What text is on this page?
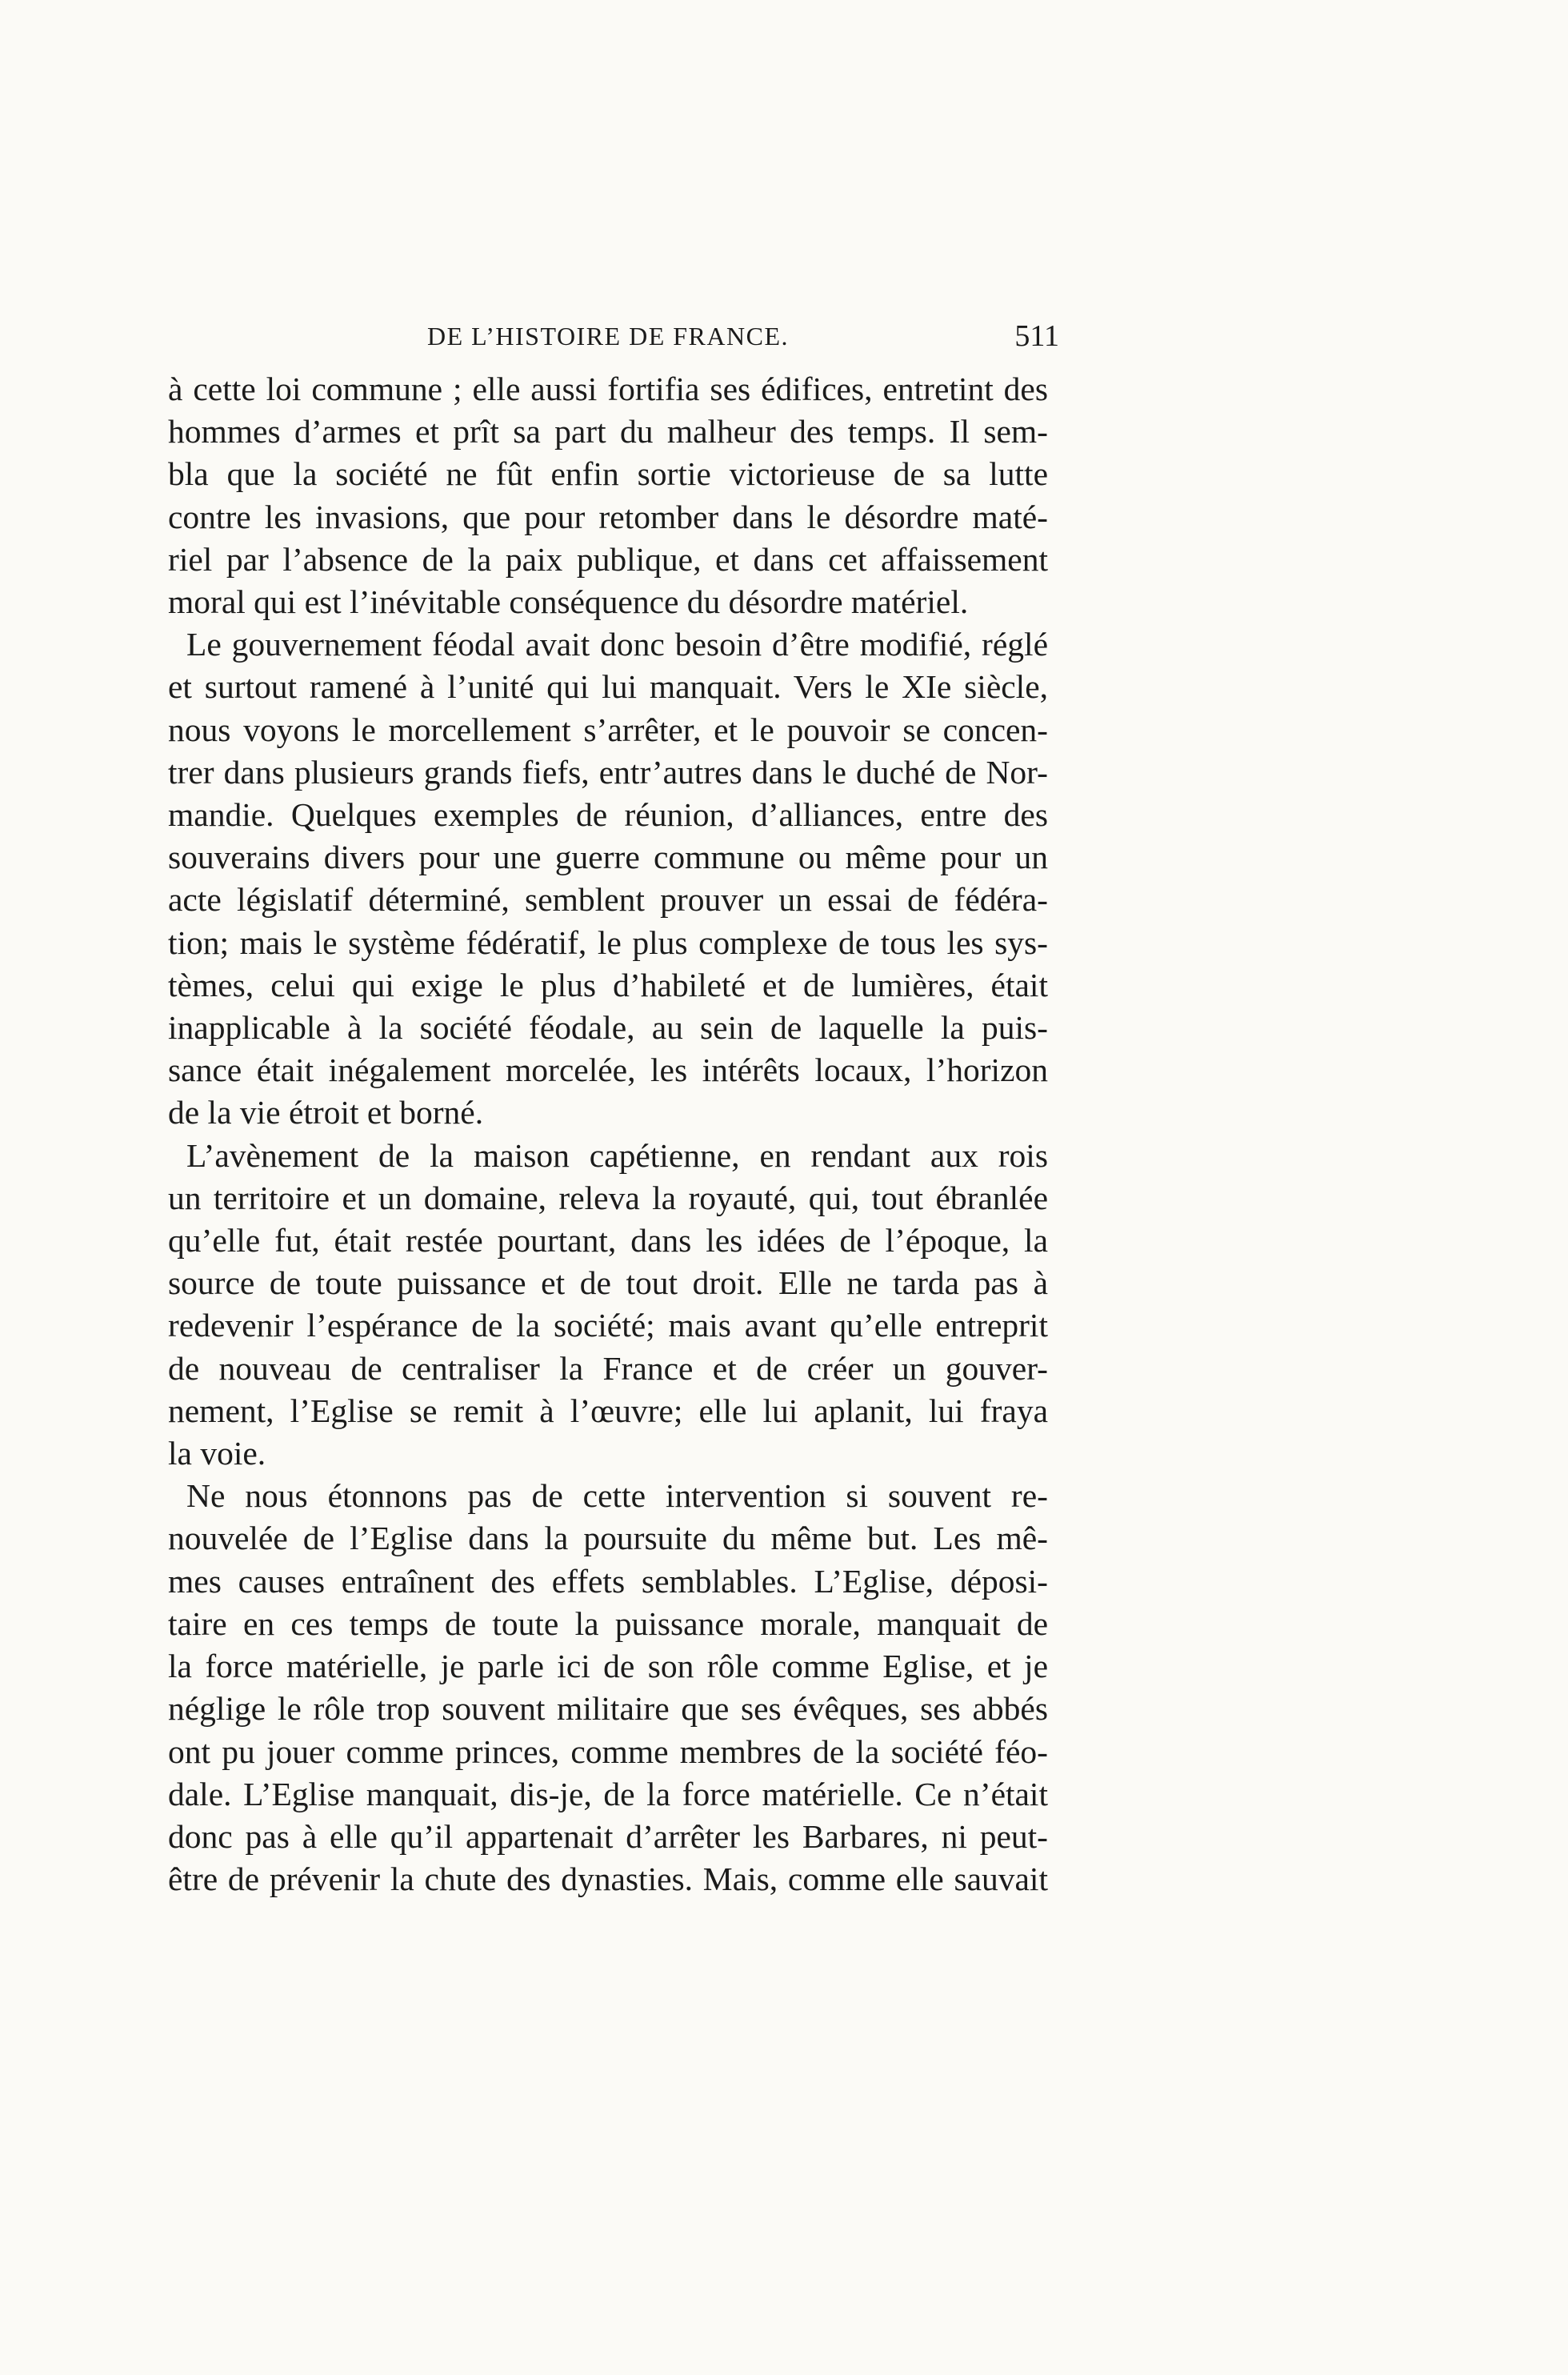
DE L’HISTOIRE DE FRANCE.	511

à cette loi commune ; elle aussi fortifia ses édifices, entretint des
hommes d’armes et prît sa part du malheur des temps. Il sem-
bla que la société ne fût enfin sortie victorieuse de sa lutte
contre les invasions, que pour retomber dans le désordre maté-
riel par l’absence de la paix publique, et dans cet affaissement
moral qui est l’inévitable conséquence du désordre matériel.

Le gouvernement féodal avait donc besoin d’être modifié, réglé
et surtout ramené à l’unité qui lui manquait. Vers le XIe siècle,
nous voyons le morcellement s’arrêter, et le pouvoir se concen-
trer dans plusieurs grands fiefs, entr’autres dans le duché de Nor-
mandie. Quelques exemples de réunion, d’alliances, entre des
souverains divers pour une guerre commune ou même pour un
acte législatif déterminé, semblent prouver un essai de fédéra-
tion; mais le système fédératif, le plus complexe de tous les sys-
tèmes, celui qui exige le plus d’habileté et de lumières, était
inapplicable à la société féodale, au sein de laquelle la puis-
sance était inégalement morcelée, les intérêts locaux, l’horizon
de la vie étroit et borné.

L’avènement de la maison capétienne, en rendant aux rois
un territoire et un domaine, releva la royauté, qui, tout ébranlée
qu’elle fut, était restée pourtant, dans les idées de l’époque, la
source de toute puissance et de tout droit. Elle ne tarda pas à
redevenir l’espérance de la société; mais avant qu’elle entreprit
de nouveau de centraliser la France et de créer un gouver-
nement, l’Eglise se remit à l’œuvre; elle lui aplanit, lui fraya
la voie.

Ne nous étonnons pas de cette intervention si souvent re-
nouvelée de l’Eglise dans la poursuite du même but. Les mê-
mes causes entraînent des effets semblables. L’Eglise, déposi-
taire en ces temps de toute la puissance morale, manquait de
la force matérielle, je parle ici de son rôle comme Eglise, et je
néglige le rôle trop souvent militaire que ses évêques, ses abbés
ont pu jouer comme princes, comme membres de la société féo-
dale. L’Eglise manquait, dis-je, de la force matérielle. Ce n’était
donc pas à elle qu’il appartenait d’arrêter les Barbares, ni peut-
être de prévenir la chute des dynasties. Mais, comme elle sauvait
